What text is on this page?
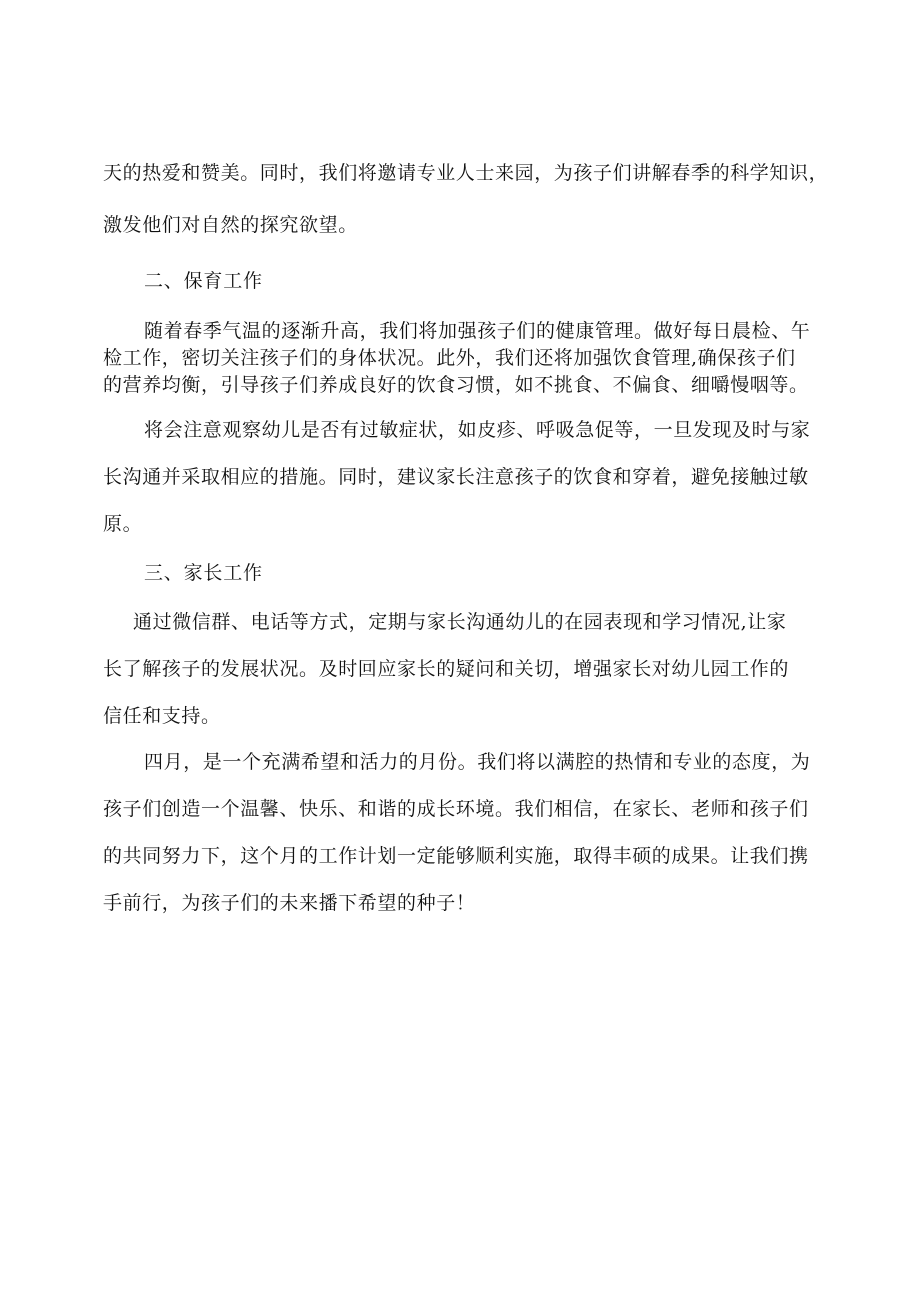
天的热爱和赞美。同时，我们将邀请专业人士来园，为孩子们讲解春季的科学知识，
激发他们对自然的探究欲望。
二、保育工作
随着春季气温的逐渐升高，我们将加强孩子们的健康管理。做好每日晨检、午
检工作，密切关注孩子们的身体状况。此外，我们还将加强饮食管理,确保孩子们
的营养均衡，引导孩子们养成良好的饮食习惯，如不挑食、不偏食、细嚼慢咽等。
将会注意观察幼儿是否有过敏症状，如皮疹、呼吸急促等，一旦发现及时与家
长沟通并采取相应的措施。同时，建议家长注意孩子的饮食和穿着，避免接触过敏
原。
三、家长工作
通过微信群、电话等方式，定期与家长沟通幼儿的在园表现和学习情况,让家
长了解孩子的发展状况。及时回应家长的疑问和关切，增强家长对幼儿园工作的
信任和支持。
四月，是一个充满希望和活力的月份。我们将以满腔的热情和专业的态度，为
孩子们创造一个温馨、快乐、和谐的成长环境。我们相信，在家长、老师和孩子们
的共同努力下，这个月的工作计划一定能够顺利实施，取得丰硕的成果。让我们携
手前行，为孩子们的未来播下希望的种子！
